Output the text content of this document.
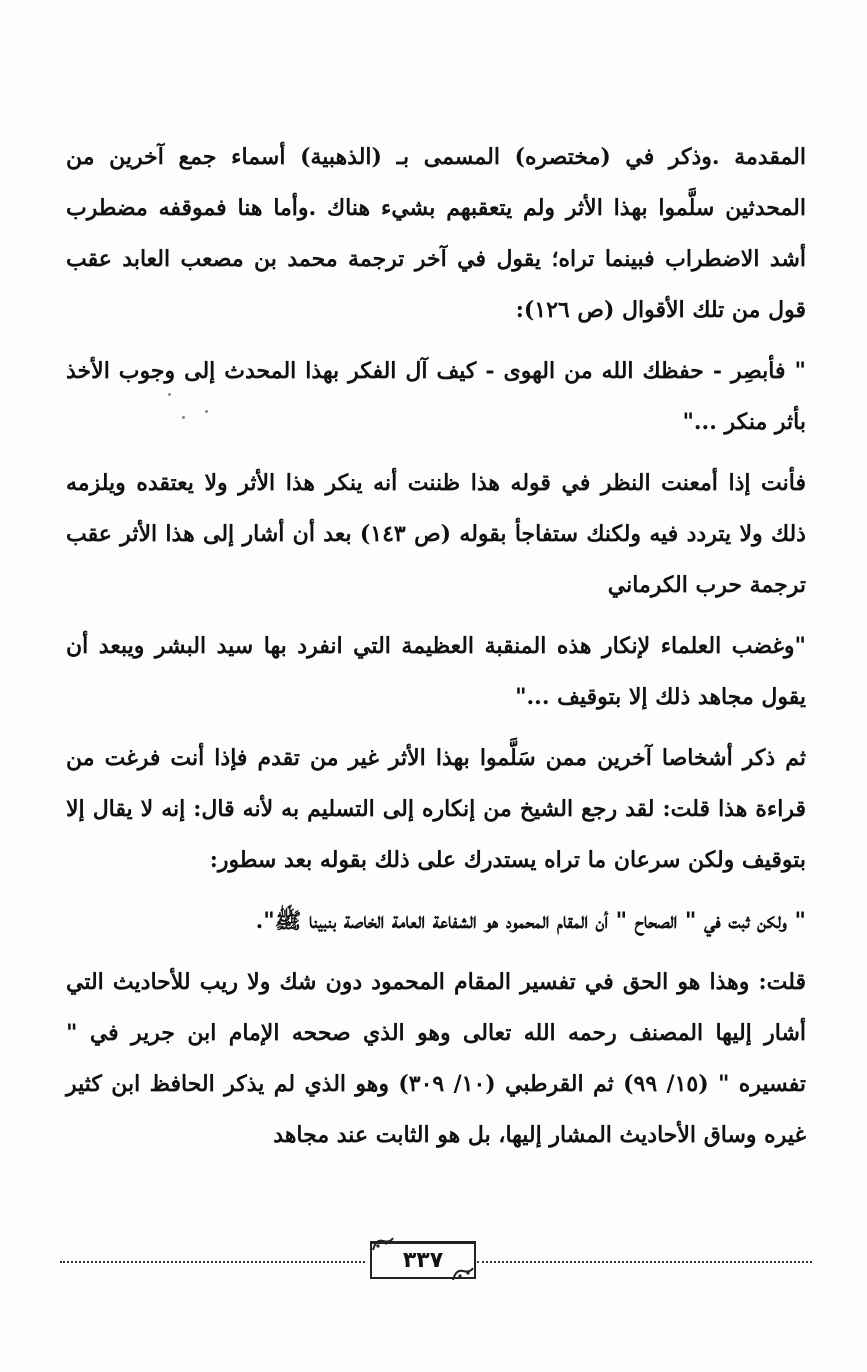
المقدمة .وذكر في (مختصره) المسمى بـ (الذهبية) أسماء جمع آخرين من المحدثين سلَّموا بهذا الأثر ولم يتعقبهم بشيء هناك .وأما هنا فموقفه مضطرب أشد الاضطراب فبينما تراه؛ يقول في آخر ترجمة محمد بن مصعب العابد عقب قول من تلك الأقوال (ص ١٢٦):

" فأبصِر - حفظك الله من الهوى - كيف آل الفكر بهذا المحدث إلى وجوب الأخذ بأثر منكر ..."

فأنت إذا أمعنت النظر في قوله هذا ظننت أنه ينكر هذا الأثر ولا يعتقده ويلزمه ذلك ولا يتردد فيه ولكنك ستفاجأ بقوله (ص ١٤٣) بعد أن أشار إلى هذا الأثر عقب ترجمة حرب الكرماني

"وغضب العلماء لإنكار هذه المنقبة العظيمة التي انفرد بها سيد البشر ويبعد أن يقول مجاهد ذلك إلا بتوقيف ..."

ثم ذكر أشخاصا آخرين ممن سَلَّموا بهذا الأثر غير من تقدم فإذا أنت فرغت من قراءة هذا قلت: لقد رجع الشيخ من إنكاره إلى التسليم به لأنه قال: إنه لا يقال إلا بتوقيف ولكن سرعان ما تراه يستدرك على ذلك بقوله بعد سطور:

" ولكن ثبت في " الصحاح " أن المقام المحمود هو الشفاعة العامة الخاصة بنبينا ﷺ".

قلت: وهذا هو الحق في تفسير المقام المحمود دون شك ولا ريب للأحاديث التي أشار إليها المصنف رحمه الله تعالى وهو الذي صححه الإمام ابن جرير في " تفسيره " (١٥/ ٩٩) ثم القرطبي (١٠/ ٣٠٩) وهو الذي لم يذكر الحافظ ابن كثير غيره وساق الأحاديث المشار إليها، بل هو الثابت عند مجاهد

٣٣٧
